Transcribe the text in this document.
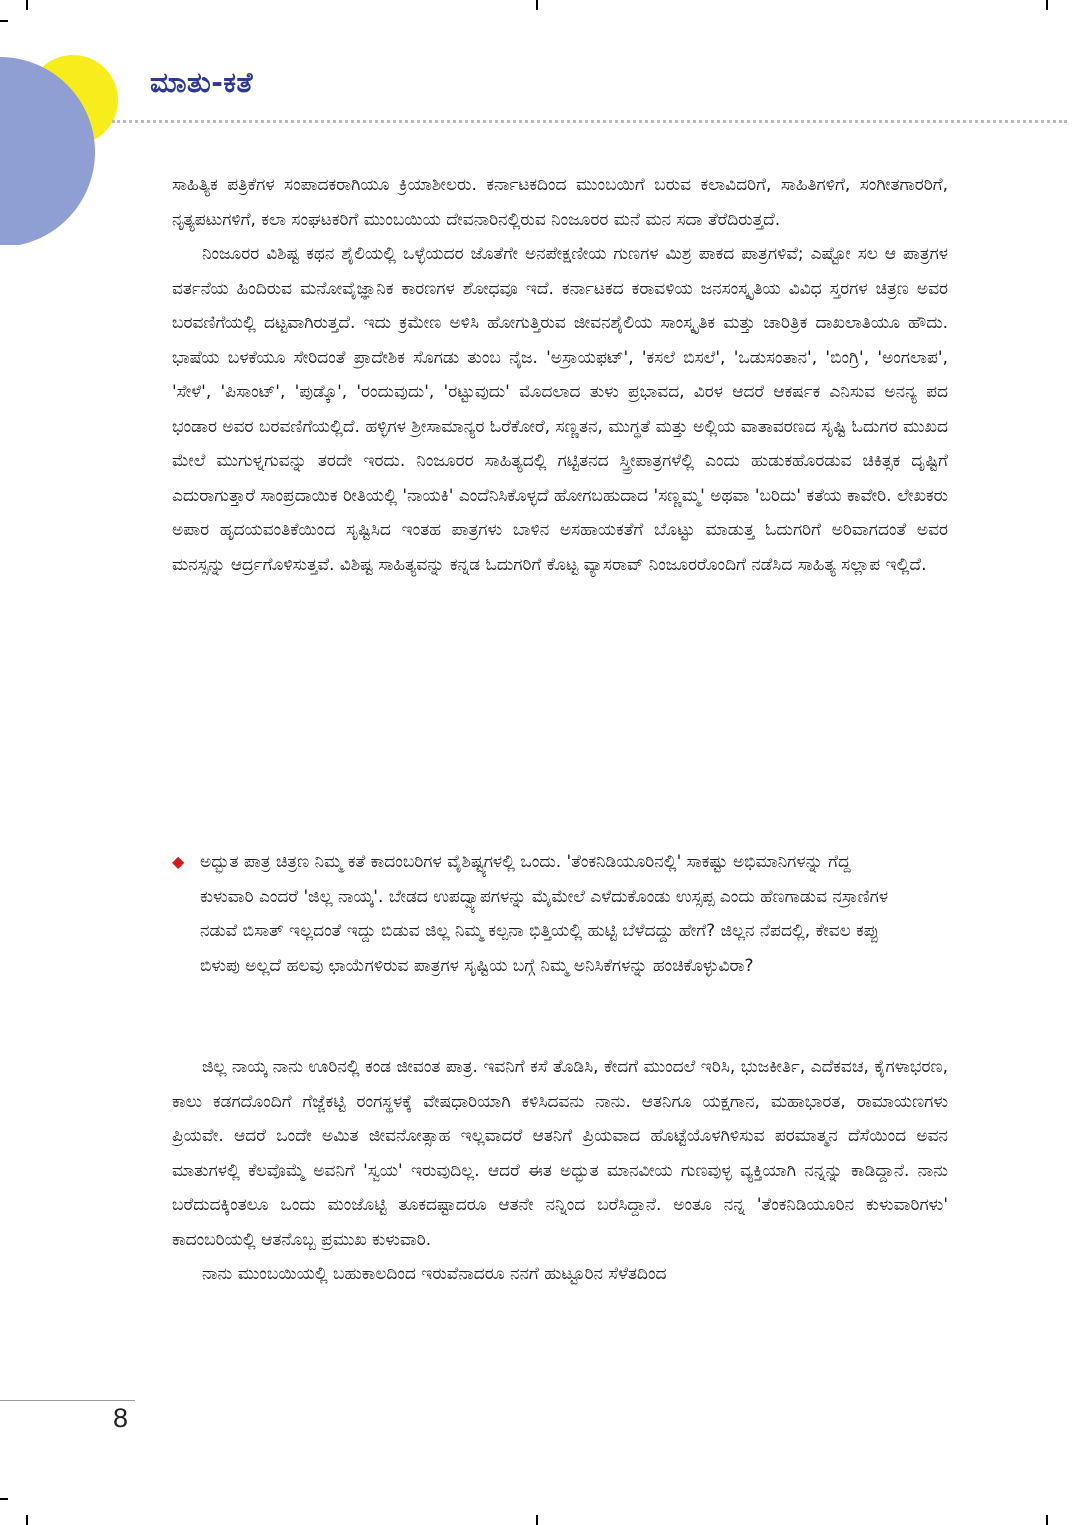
ಮಾತು-ಕತೆ

ಸಾಹಿತ್ಯಿಕ ಪತ್ರಿಕೆಗಳ ಸಂಪಾದಕರಾಗಿಯೂ ಕ್ರಿಯಾಶೀಲರು. ಕರ್ನಾಟಕದಿಂದ ಮುಂಬಯಿಗೆ ಬರುವ ಕಲಾವಿದರಿಗೆ, ಸಾಹಿತಿಗಳಿಗೆ, ಸಂಗೀತಗಾರರಿಗೆ, ನೃತ್ಯಪಟುಗಳಿಗೆ, ಕಲಾ ಸಂಘಟಕರಿಗೆ ಮುಂಬಯಿಯ ದೇವನಾರಿನಲ್ಲಿರುವ ನಿಂಜೂರರ ಮನೆ ಮನ ಸದಾ ತೆರೆದಿರುತ್ತದೆ.

ನಿಂಜೂರರ ವಿಶಿಷ್ಟ ಕಥನ ಶೈಲಿಯಲ್ಲಿ ಒಳ್ಳೆಯದರ ಜೊತೆಗೇ ಅನಪೇಕ್ಷಣೀಯ ಗುಣಗಳ ಮಿಶ್ರ ಪಾಕದ ಪಾತ್ರಗಳಿವೆ; ಎಷ್ಟೋ ಸಲ ಆ ಪಾತ್ರಗಳ ವರ್ತನೆಯ ಹಿಂದಿರುವ ಮನೋವೈಜ್ಞಾನಿಕ ಕಾರಣಗಳ ಶೋಧವೂ ಇದೆ. ಕರ್ನಾಟಕದ ಕರಾವಳಿಯ ಜನಸಂಸ್ಕೃತಿಯ ವಿವಿಧ ಸ್ತರಗಳ ಚಿತ್ರಣ ಅವರ ಬರವಣಿಗೆಯಲ್ಲಿ ದಟ್ಟವಾಗಿರುತ್ತದೆ. ಇದು ಕ್ರಮೇಣ ಅಳಿಸಿ ಹೋಗುತ್ತಿರುವ ಜೀವನಶೈಲಿಯ ಸಾಂಸ್ಕೃತಿಕ ಮತ್ತು ಚಾರಿತ್ರಿಕ ದಾಖಲಾತಿಯೂ ಹೌದು. ಭಾಷೆಯ ಬಳಕೆಯೂ ಸೇರಿದಂತೆ ಪ್ರಾದೇಶಿಕ ಸೊಗಡು ತುಂಬ ನೈಜ. 'ಅಸ್ರಾಯಫಟ್', 'ಕಸಲೆ ಬಿಸಲೆ', 'ಒಡುಸಂತಾನ', 'ಬಿಂಗ್ರಿ', 'ಅಂಗಲಾಪ', 'ಸೇಳೆ', 'ಪಿಸಾಂಟ್', 'ಪುಡ್ಕೊ', 'ರಂದುವುದು', 'ರಟ್ಟುವುದು' ಮೊದಲಾದ ತುಳು ಪ್ರಭಾವದ, ವಿರಳ ಆದರೆ ಆಕರ್ಷಕ ಎನಿಸುವ ಅನನ್ಯ ಪದ ಭಂಡಾರ ಅವರ ಬರವಣಿಗೆಯಲ್ಲಿದೆ. ಹಳ್ಳಿಗಳ ಶ್ರೀಸಾಮಾನ್ಯರ ಓರೆಕೋರೆ, ಸಣ್ಣತನ, ಮುಗ್ಧತೆ ಮತ್ತು ಅಲ್ಲಿಯ ವಾತಾವರಣದ ಸೃಷ್ಟಿ ಓದುಗರ ಮುಖದ ಮೇಲೆ ಮುಗುಳ್ನಗುವನ್ನು ತರದೇ ಇರದು. ನಿಂಜೂರರ ಸಾಹಿತ್ಯದಲ್ಲಿ ಗಟ್ಟಿತನದ ಸ್ತ್ರೀಪಾತ್ರಗಳೆಲ್ಲಿ ಎಂದು ಹುಡುಕಹೊರಡುವ ಚಿಕಿತ್ಸಕ ದೃಷ್ಟಿಗೆ ಎದುರಾಗುತ್ತಾರೆ ಸಾಂಪ್ರದಾಯಿಕ ರೀತಿಯಲ್ಲಿ 'ನಾಯಕಿ' ಎಂದೆನಿಸಿಕೊಳ್ಳದೆ ಹೋಗಬಹುದಾದ 'ಸಣ್ಣಮ್ಮ' ಅಥವಾ 'ಬರಿದು' ಕತೆಯ ಕಾವೇರಿ. ಲೇಖಕರು ಅಪಾರ ಹೃದಯವಂತಿಕೆಯಿಂದ ಸೃಷ್ಟಿಸಿದ ಇಂತಹ ಪಾತ್ರಗಳು ಬಾಳಿನ ಅಸಹಾಯಕತೆಗೆ ಬೊಟ್ಟು ಮಾಡುತ್ತ ಓದುಗರಿಗೆ ಅರಿವಾಗದಂತೆ ಅವರ ಮನಸ್ಸನ್ನು ಆರ್ದ್ರಗೊಳಿಸುತ್ತವೆ. ವಿಶಿಷ್ಟ ಸಾಹಿತ್ಯವನ್ನು ಕನ್ನಡ ಓದುಗರಿಗೆ ಕೊಟ್ಟ ವ್ಯಾಸರಾವ್ ನಿಂಜೂರರೊಂದಿಗೆ ನಡೆಸಿದ ಸಾಹಿತ್ಯ ಸಲ್ಲಾಪ ಇಲ್ಲಿದೆ.

◆ ಅದ್ಭುತ ಪಾತ್ರ ಚಿತ್ರಣ ನಿಮ್ಮ ಕತೆ ಕಾದಂಬರಿಗಳ ವೈಶಿಷ್ಟ್ಯಗಳಲ್ಲಿ ಒಂದು. 'ತೆಂಕನಿಡಿಯೂರಿನಲ್ಲಿ' ಸಾಕಷ್ಟು ಅಭಿಮಾನಿಗಳನ್ನು ಗೆದ್ದ ಕುಳುವಾರಿ ಎಂದರೆ 'ಜಿಲ್ಲ ನಾಯ್ಕ'. ಬೇಡದ ಉಪದ್ವ್ಯಾಪಗಳನ್ನು ಮೈಮೇಲೆ ಎಳೆದುಕೊಂಡು ಉಸ್ಸಪ್ಪ ಎಂದು ಹೆಣಗಾಡುವ ನಸ್ರಾಣಿಗಳ ನಡುವೆ ಬಿಸಾತ್ ಇಲ್ಲದಂತೆ ಇದ್ದು ಬಿಡುವ ಜಿಲ್ಲ ನಿಮ್ಮ ಕಲ್ಪನಾ ಭಿತ್ತಿಯಲ್ಲಿ ಹುಟ್ಟಿ ಬೆಳೆದದ್ದು ಹೇಗೆ? ಜಿಲ್ಲನ ನೆಪದಲ್ಲಿ, ಕೇವಲ ಕಪ್ಪು ಬಿಳುಪು ಅಲ್ಲದೆ ಹಲವು ಛಾಯೆಗಳಿರುವ ಪಾತ್ರಗಳ ಸೃಷ್ಟಿಯ ಬಗ್ಗೆ ನಿಮ್ಮ ಅನಿಸಿಕೆಗಳನ್ನು ಹಂಚಿಕೊಳ್ಳುವಿರಾ?

ಜಿಲ್ಲ ನಾಯ್ಕ ನಾನು ಊರಿನಲ್ಲಿ ಕಂಡ ಜೀವಂತ ಪಾತ್ರ. ಇವನಿಗೆ ಕಸೆ ತೊಡಿಸಿ, ಕೇದಗೆ ಮುಂದಲೆ ಇರಿಸಿ, ಭುಜಕೀರ್ತಿ, ಎದೆಕವಚ, ಕೈಗಳಾಭರಣ, ಕಾಲು ಕಡಗದೊಂದಿಗೆ ಗೆಜ್ಜೆಕಟ್ಟಿ ರಂಗಸ್ಥಳಕ್ಕೆ ವೇಷಧಾರಿಯಾಗಿ ಕಳಿಸಿದವನು ನಾನು. ಆತನಿಗೂ ಯಕ್ಷಗಾನ, ಮಹಾಭಾರತ, ರಾಮಾಯಣಗಳು ಪ್ರಿಯವೇ. ಆದರೆ ಒಂದೇ ಅಮಿತ ಜೀವನೋತ್ಸಾಹ ಇಲ್ಲವಾದರೆ ಆತನಿಗೆ ಪ್ರಿಯವಾದ ಹೊಟ್ಟೆಯೊಳಗಿಳಿಸುವ ಪರಮಾತ್ಮನ ದೆಸೆಯಿಂದ ಅವನ ಮಾತುಗಳಲ್ಲಿ ಕೆಲವೊಮ್ಮೆ ಅವನಿಗೆ 'ಸ್ವಯ' ಇರುವುದಿಲ್ಲ. ಆದರೆ ಈತ ಅದ್ಭುತ ಮಾನವೀಯ ಗುಣವುಳ್ಳ ವ್ಯಕ್ತಿಯಾಗಿ ನನ್ನನ್ನು ಕಾಡಿದ್ದಾನೆ. ನಾನು ಬರೆದುದಕ್ಕಿಂತಲೂ ಒಂದು ಮಂಜೊಟ್ಟಿ ತೂಕದಷ್ಟಾದರೂ ಆತನೇ ನನ್ನಿಂದ ಬರೆಸಿದ್ದಾನೆ. ಅಂತೂ ನನ್ನ 'ತೆಂಕನಿಡಿಯೂರಿನ ಕುಳುವಾರಿಗಳು' ಕಾದಂಬರಿಯಲ್ಲಿ ಆತನೊಬ್ಬ ಪ್ರಮುಖ ಕುಳುವಾರಿ.

ನಾನು ಮುಂಬಯಿಯಲ್ಲಿ ಬಹುಕಾಲದಿಂದ ಇರುವೆನಾದರೂ ನನಗೆ ಹುಟ್ಟೂರಿನ ಸೆಳೆತದಿಂದ

8
